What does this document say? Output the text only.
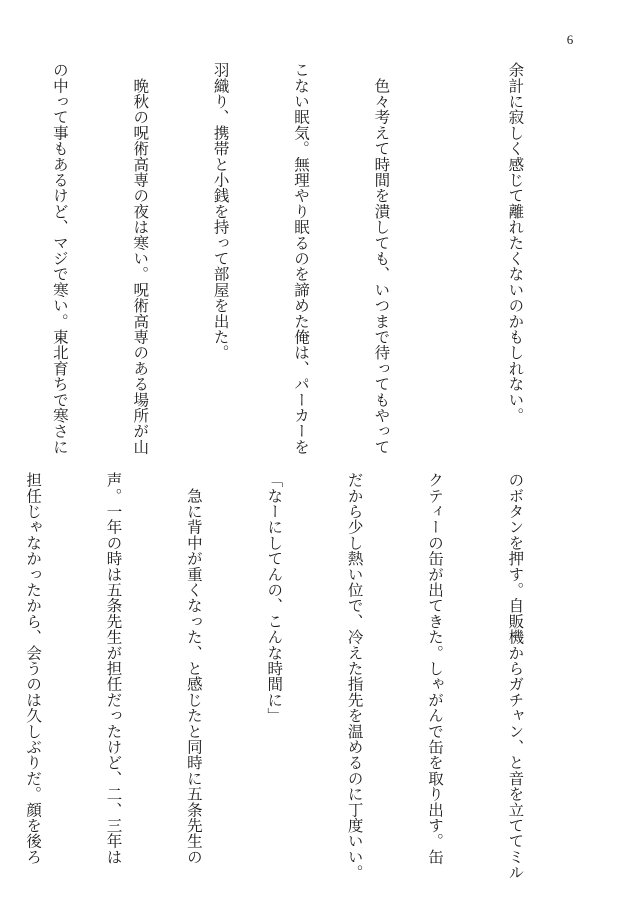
6

余計に寂しく感じて離れたくないのかもしれない。

　色々考えて時間を潰しても、いつまで待ってもやって

こない眠気。無理やり眠るのを諦めた俺は、パーカーを

羽織り、携帯と小銭を持って部屋を出た。

　晩秋の呪術高専の夜は寒い。呪術高専のある場所が山

の中って事もあるけど、マジで寒い。東北育ちで寒さに

のボタンを押す。自販機からガチャン、と音を立ててミル

クティーの缶が出てきた。しゃがんで缶を取り出す。缶

だから少し熱い位で、冷えた指先を温めるのに丁度いい。

「なーにしてんの、こんな時間に」

　急に背中が重くなった、と感じたと同時に五条先生の

声。一年の時は五条先生が担任だったけど、二、三年は

担任じゃなかったから、会うのは久しぶりだ。顔を後ろ
